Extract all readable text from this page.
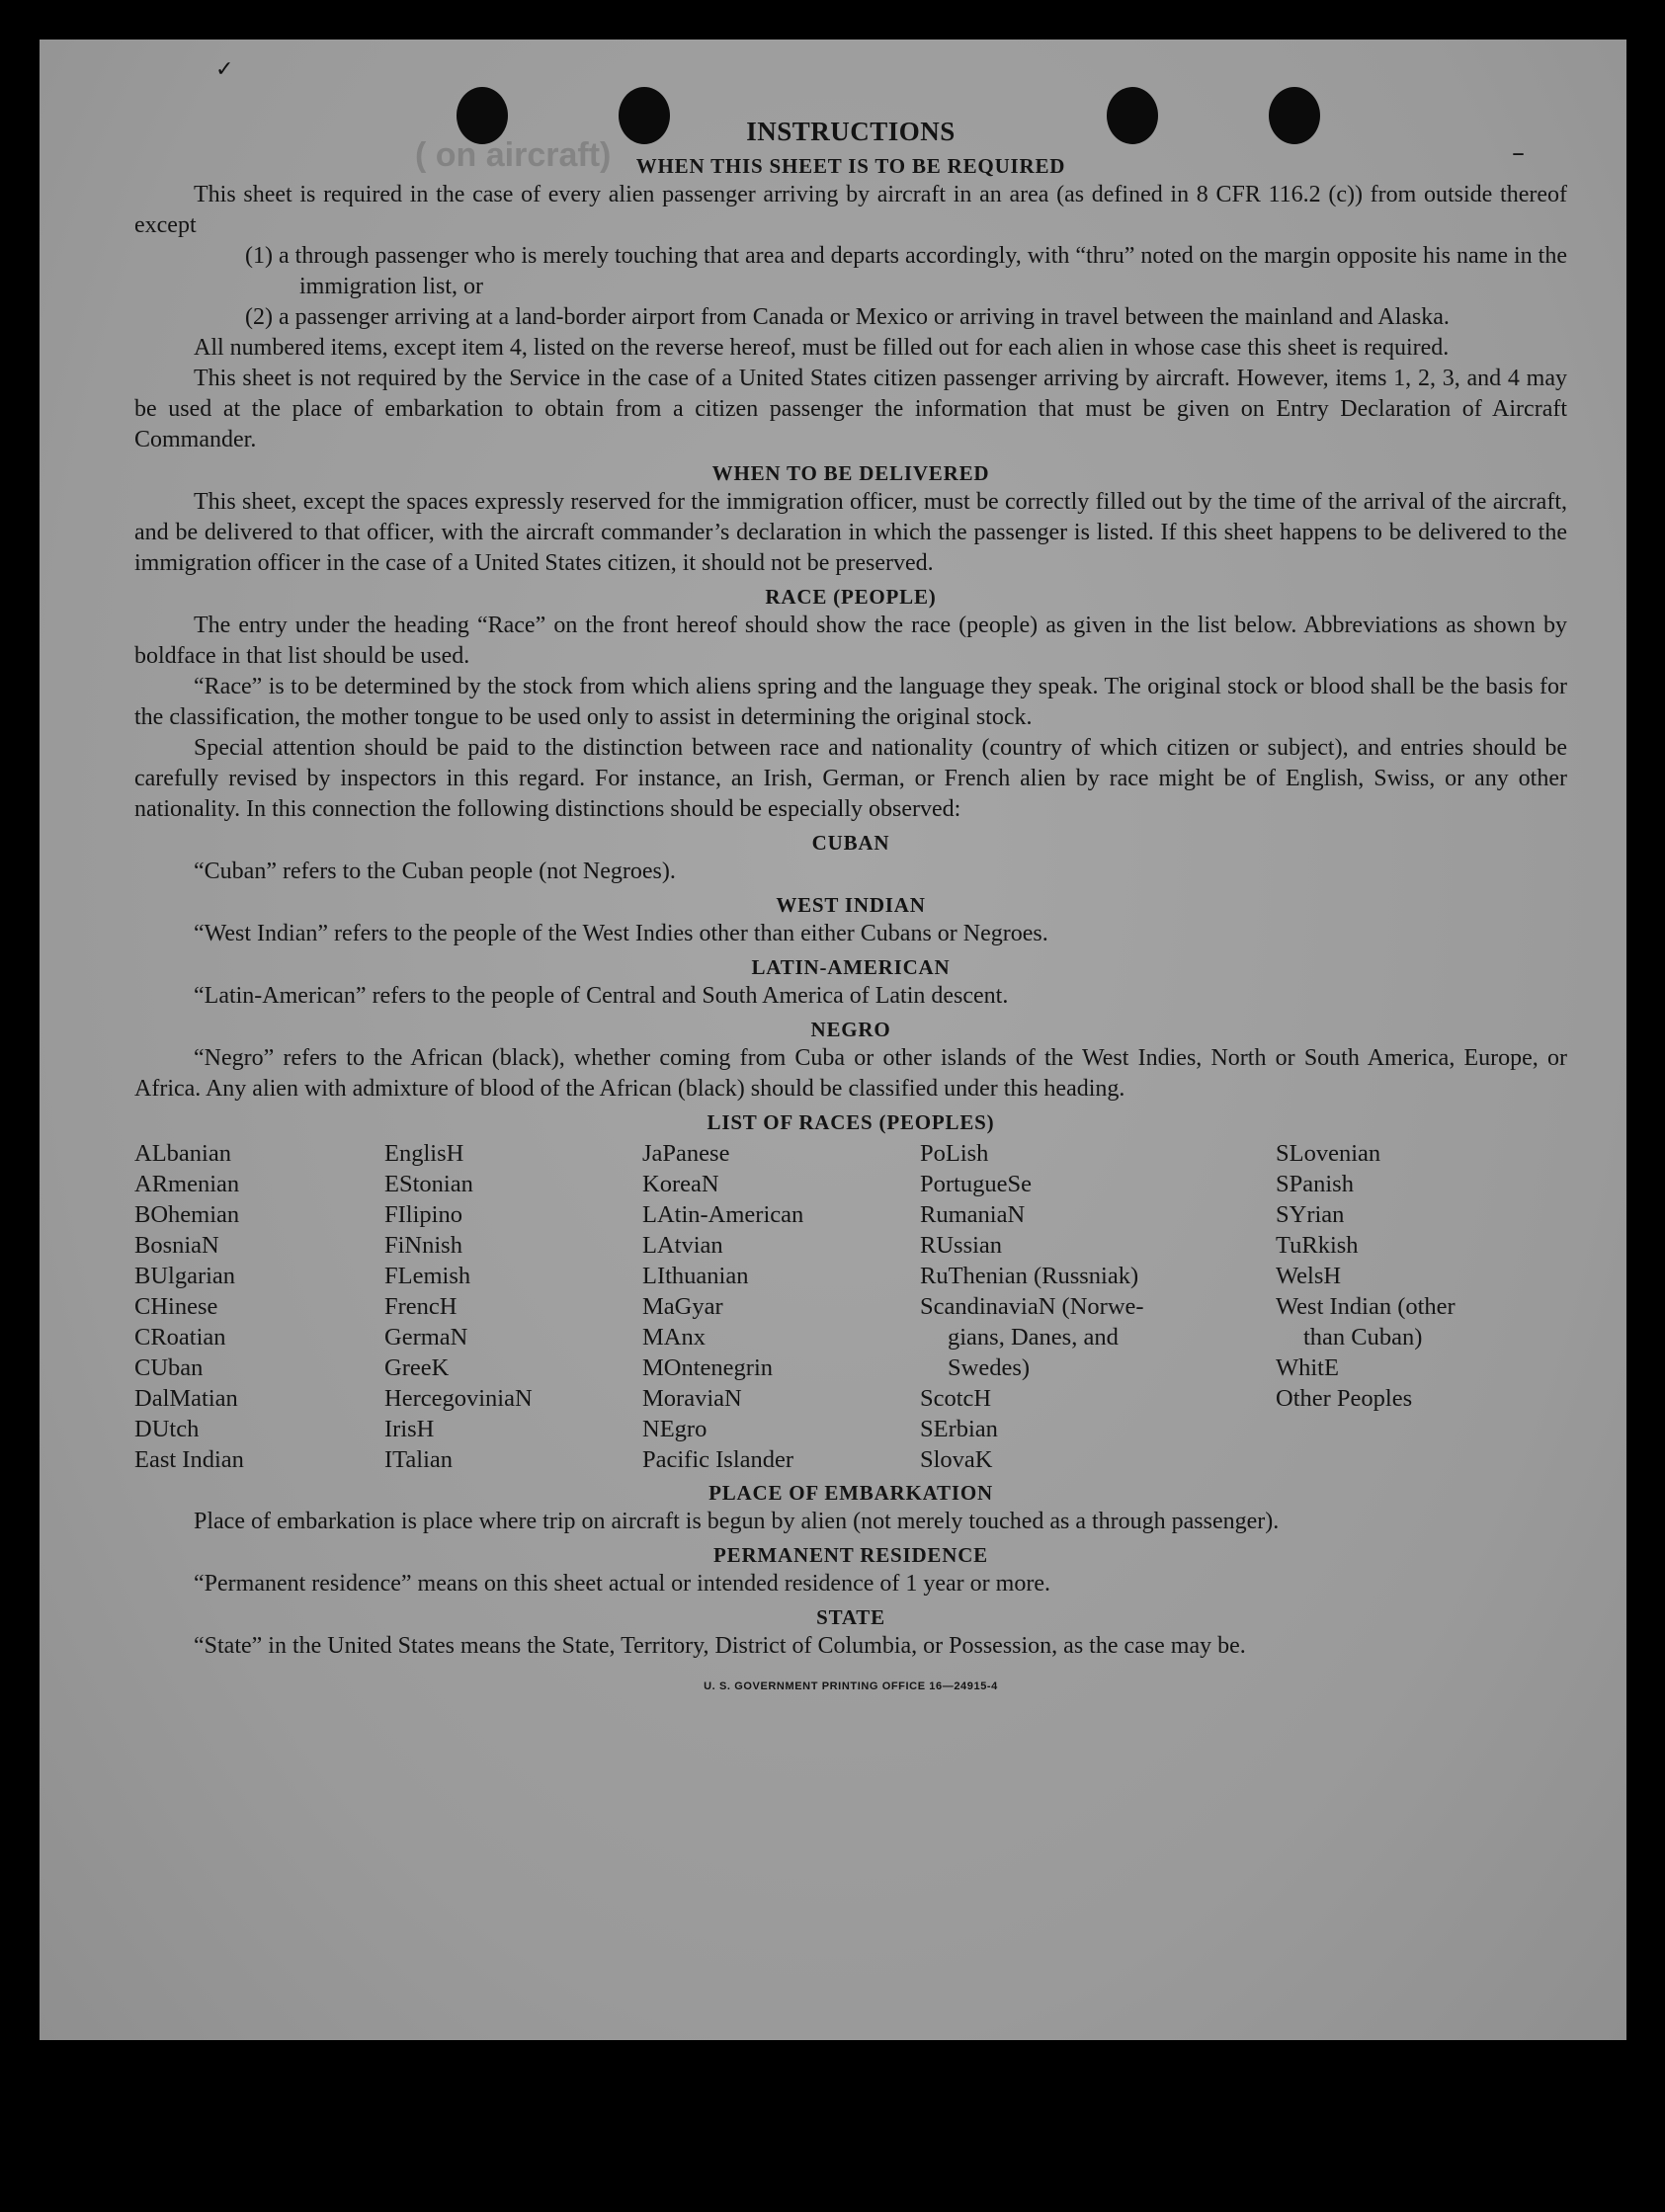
( on aircraft)
✓
–
INSTRUCTIONS
WHEN THIS SHEET IS TO BE REQUIRED

This sheet is required in the case of every alien passenger arriving by aircraft in an area (as defined in 8 CFR 116.2 (c)) from outside thereof except

(1) a through passenger who is merely touching that area and departs accordingly, with “thru” noted on the margin opposite his name in the immigration list, or

(2) a passenger arriving at a land-border airport from Canada or Mexico or arriving in travel between the mainland and Alaska.

All numbered items, except item 4, listed on the reverse hereof, must be filled out for each alien in whose case this sheet is required.

This sheet is not required by the Service in the case of a United States citizen passenger arriving by aircraft. However, items 1, 2, 3, and 4 may be used at the place of embarkation to obtain from a citizen passenger the information that must be given on Entry Declaration of Aircraft Commander.

WHEN TO BE DELIVERED

This sheet, except the spaces expressly reserved for the immigration officer, must be correctly filled out by the time of the arrival of the aircraft, and be delivered to that officer, with the aircraft commander’s declaration in which the passenger is listed. If this sheet happens to be delivered to the immigration officer in the case of a United States citizen, it should not be preserved.

RACE (PEOPLE)

The entry under the heading “Race” on the front hereof should show the race (people) as given in the list below. Abbreviations as shown by boldface in that list should be used.

“Race” is to be determined by the stock from which aliens spring and the language they speak. The original stock or blood shall be the basis for the classification, the mother tongue to be used only to assist in determining the original stock.

Special attention should be paid to the distinction between race and nationality (country of which citizen or subject), and entries should be carefully revised by inspectors in this regard. For instance, an Irish, German, or French alien by race might be of English, Swiss, or any other nationality. In this connection the following distinctions should be especially observed:

CUBAN

“Cuban” refers to the Cuban people (not Negroes).

WEST INDIAN

“West Indian” refers to the people of the West Indies other than either Cubans or Negroes.

LATIN-AMERICAN

“Latin-American” refers to the people of Central and South America of Latin descent.

NEGRO

“Negro” refers to the African (black), whether coming from Cuba or other islands of the West Indies, North or South America, Europe, or Africa. Any alien with admixture of blood of the African (black) should be classified under this heading.

LIST OF RACES (PEOPLES)
ALbanian
ARmenian
BOhemian
BosniaN
BUlgarian
CHinese
CRoatian
CUban
DalMatian
DUtch
East Indian
EnglisH
EStonian
FIlipino
FiNnish
FLemish
FrencH
GermaN
GreeK
HercegoviniaN
IrisH
ITalian
JaPanese
KoreaN
LAtin-American
LAtvian
LIthuanian
MaGyar
MAnx
MOntenegrin
MoraviaN
NEgro
Pacific Islander
PoLish
PortugueSe
RumaniaN
RUssian
RuThenian (Russniak)
ScandinaviaN (Norwe-
gians, Danes, and
Swedes)
ScotcH
SErbian
SlovaK
SLovenian
SPanish
SYrian
TuRkish
WelsH
West Indian (other
than Cuban)
WhitE
Other Peoples
PLACE OF EMBARKATION

Place of embarkation is place where trip on aircraft is begun by alien (not merely touched as a through passenger).

PERMANENT RESIDENCE

“Permanent residence” means on this sheet actual or intended residence of 1 year or more.

STATE

“State” in the United States means the State, Territory, District of Columbia, or Possession, as the case may be.

U. S. GOVERNMENT PRINTING OFFICE 16—24915-4
